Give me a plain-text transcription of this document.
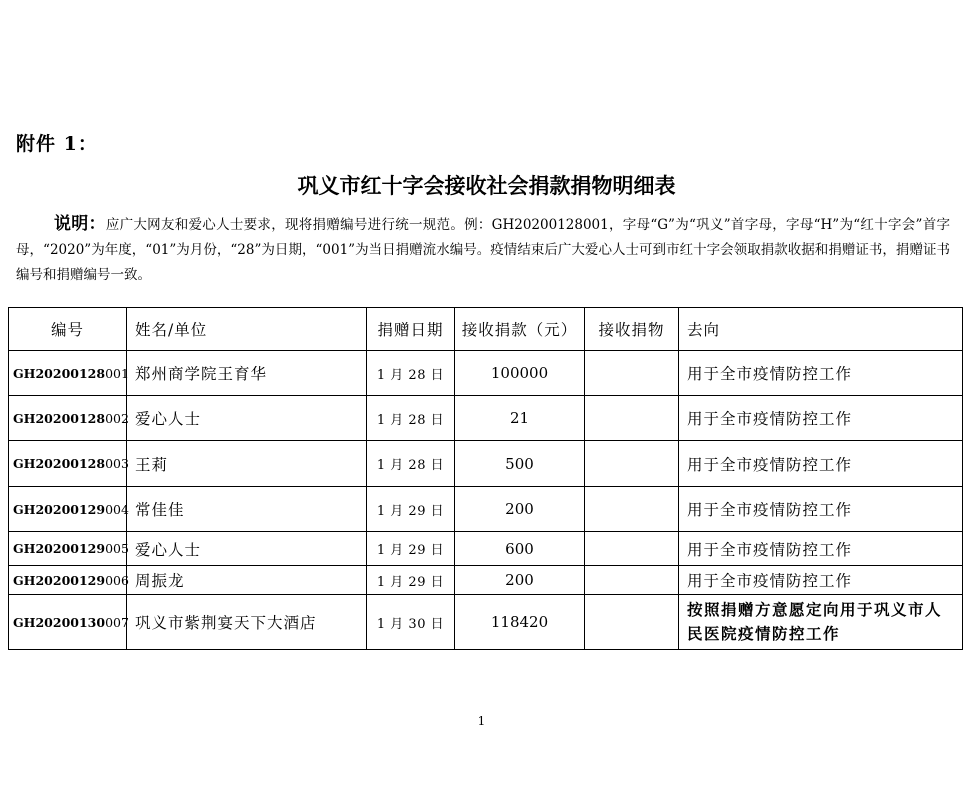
附件 1：
巩义市红十字会接收社会捐款捐物明细表
说明：应广大网友和爱心人士要求，现将捐赠编号进行统一规范。例：GH20200128001，字母“G”为“巩义”首字母，字母“H”为“红十字会”首字母，“2020”为年度，“01”为月份，“28”为日期，“001”为当日捐赠流水编号。疫情结束后广大爱心人士可到市红十字会领取捐款收据和捐赠证书，捐赠证书编号和捐赠编号一致。
编号	姓名/单位	捐赠日期	接收捐款（元）	接收捐物	去向
GH20200128001	郑州商学院王育华	1 月 28 日	100000		用于全市疫情防控工作
GH20200128002	爱心人士	1 月 28 日	21		用于全市疫情防控工作
GH20200128003	王莉	1 月 28 日	500		用于全市疫情防控工作
GH20200129004	常佳佳	1 月 29 日	200		用于全市疫情防控工作
GH20200129005	爱心人士	1 月 29 日	600		用于全市疫情防控工作
GH20200129006	周振龙	1 月 29 日	200		用于全市疫情防控工作
GH20200130007	巩义市紫荆宴天下大酒店	1 月 30 日	118420		按照捐赠方意愿定向用于巩义市人民医院疫情防控工作
1
